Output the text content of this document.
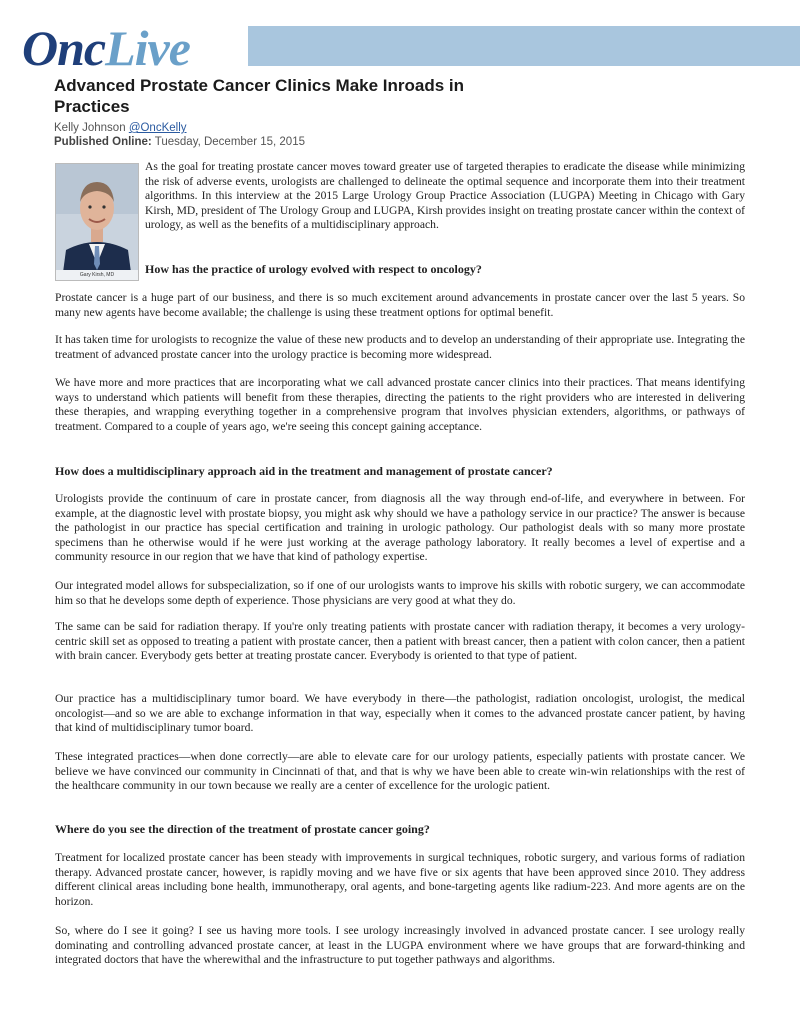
OncLive
Advanced Prostate Cancer Clinics Make Inroads in Practices
Kelly Johnson @OncKelly
Published Online: Tuesday, December 15, 2015
Gary Kirsh, MD

As the goal for treating prostate cancer moves toward greater use of targeted therapies to eradicate the disease while minimizing the risk of adverse events, urologists are challenged to delineate the optimal sequence and incorporate them into their treatment algorithms. In this interview at the 2015 Large Urology Group Practice Association (LUGPA) Meeting in Chicago with Gary Kirsh, MD, president of The Urology Group and LUGPA, Kirsh provides insight on treating prostate cancer within the context of urology, as well as the benefits of a multidisciplinary approach.

How has the practice of urology evolved with respect to oncology?

Prostate cancer is a huge part of our business, and there is so much excitement around advancements in prostate cancer over the last 5 years. So many new agents have become available; the challenge is using these treatment options for optimal benefit.

It has taken time for urologists to recognize the value of these new products and to develop an understanding of their appropriate use. Integrating the treatment of advanced prostate cancer into the urology practice is becoming more widespread.

We have more and more practices that are incorporating what we call advanced prostate cancer clinics into their practices. That means identifying ways to understand which patients will benefit from these therapies, directing the patients to the right providers who are interested in delivering these therapies, and wrapping everything together in a comprehensive program that involves physician extenders, algorithms, or pathways of treatment. Compared to a couple of years ago, we're seeing this concept gaining acceptance.

How does a multidisciplinary approach aid in the treatment and management of prostate cancer?

Urologists provide the continuum of care in prostate cancer, from diagnosis all the way through end-of-life, and everywhere in between. For example, at the diagnostic level with prostate biopsy, you might ask why should we have a pathology service in our practice? The answer is because the pathologist in our practice has special certification and training in urologic pathology. Our pathologist deals with so many more prostate specimens than he otherwise would if he were just working at the average pathology laboratory. It really becomes a level of expertise and a community resource in our region that we have that kind of pathology expertise.

Our integrated model allows for subspecialization, so if one of our urologists wants to improve his skills with robotic surgery, we can accommodate him so that he develops some depth of experience. Those physicians are very good at what they do.

The same can be said for radiation therapy. If you're only treating patients with prostate cancer with radiation therapy, it becomes a very urology-centric skill set as opposed to treating a patient with prostate cancer, then a patient with breast cancer, then a patient with colon cancer, then a patient with brain cancer. Everybody gets better at treating prostate cancer. Everybody is oriented to that type of patient.

Our practice has a multidisciplinary tumor board. We have everybody in there—the pathologist, radiation oncologist, urologist, the medical oncologist—and so we are able to exchange information in that way, especially when it comes to the advanced prostate cancer patient, by having that kind of multidisciplinary tumor board.

These integrated practices—when done correctly—are able to elevate care for our urology patients, especially patients with prostate cancer. We believe we have convinced our community in Cincinnati of that, and that is why we have been able to create win-win relationships with the rest of the healthcare community in our town because we really are a center of excellence for the urologic patient.

Where do you see the direction of the treatment of prostate cancer going?

Treatment for localized prostate cancer has been steady with improvements in surgical techniques, robotic surgery, and various forms of radiation therapy. Advanced prostate cancer, however, is rapidly moving and we have five or six agents that have been approved since 2010. They address different clinical areas including bone health, immunotherapy, oral agents, and bone-targeting agents like radium-223. And more agents are on the horizon.

So, where do I see it going? I see us having more tools. I see urology increasingly involved in advanced prostate cancer. I see urology really dominating and controlling advanced prostate cancer, at least in the LUGPA environment where we have groups that are forward-thinking and integrated doctors that have the wherewithal and the infrastructure to put together pathways and algorithms.
